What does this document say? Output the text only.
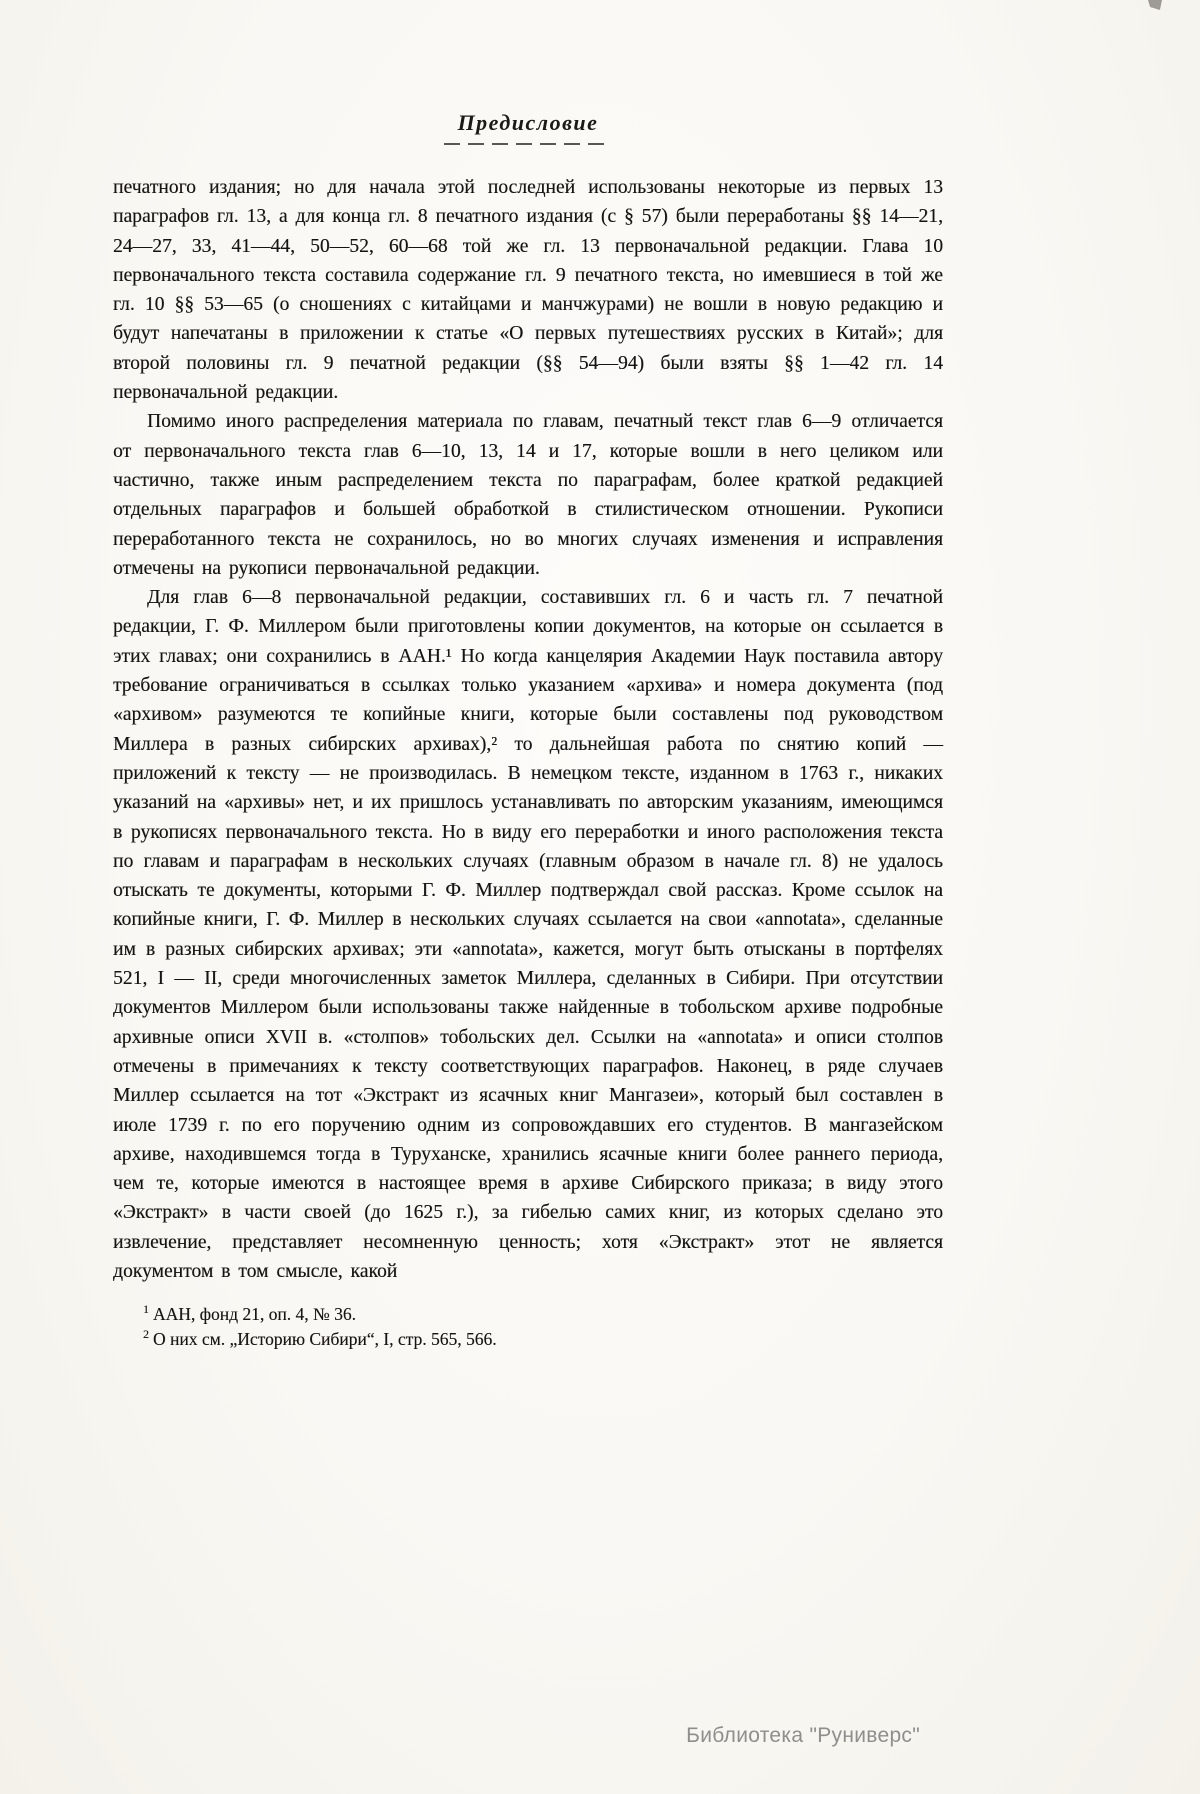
Предисловие

печатного издания; но для начала этой последней использованы некоторые из первых 13 параграфов гл. 13, а для конца гл. 8 печатного издания (с § 57) были переработаны §§ 14—21, 24—27, 33, 41—44, 50—52, 60—68 той же гл. 13 первоначальной редакции. Глава 10 первоначального текста составила содержание гл. 9 печатного текста, но имевшиеся в той же гл. 10 §§ 53—65 (о сношениях с китайцами и манчжурами) не вошли в новую редакцию и будут напечатаны в приложении к статье «О первых путешествиях русских в Китай»; для второй половины гл. 9 печатной редакции (§§ 54—94) были взяты §§ 1—42 гл. 14 первоначальной редакции.

Помимо иного распределения материала по главам, печатный текст глав 6—9 отличается от первоначального текста глав 6—10, 13, 14 и 17, которые вошли в него целиком или частично, также иным распределением текста по параграфам, более краткой редакцией отдельных параграфов и большей обработкой в стилистическом отношении. Рукописи переработанного текста не сохранилось, но во многих случаях изменения и исправления отмечены на рукописи первоначальной редакции.

Для глав 6—8 первоначальной редакции, составивших гл. 6 и часть гл. 7 печатной редакции, Г. Ф. Миллером были приготовлены копии документов, на которые он ссылается в этих главах; они сохранились в ААН.¹ Но когда канцелярия Академии Наук поставила автору требование ограничиваться в ссылках только указанием «архива» и номера документа (под «архивом» разумеются те копийные книги, которые были составлены под руководством Миллера в разных сибирских архивах),² то дальнейшая работа по снятию копий — приложений к тексту — не производилась. В немецком тексте, изданном в 1763 г., никаких указаний на «архивы» нет, и их пришлось устанавливать по авторским указаниям, имеющимся в рукописях первоначального текста. Но в виду его переработки и иного расположения текста по главам и параграфам в нескольких случаях (главным образом в начале гл. 8) не удалось отыскать те документы, которыми Г. Ф. Миллер подтверждал свой рассказ. Кроме ссылок на копийные книги, Г. Ф. Миллер в нескольких случаях ссылается на свои «annotata», сделанные им в разных сибирских архивах; эти «annotata», кажется, могут быть отысканы в портфелях 521, I — II, среди многочисленных заметок Миллера, сделанных в Сибири. При отсутствии документов Миллером были использованы также найденные в тобольском архиве подробные архивные описи XVII в. «столпов» тобольских дел. Ссылки на «annotata» и описи столпов отмечены в примечаниях к тексту соответствующих параграфов. Наконец, в ряде случаев Миллер ссылается на тот «Экстракт из ясачных книг Мангазеи», который был составлен в июле 1739 г. по его поручению одним из сопровождавших его студентов. В мангазейском архиве, находившемся тогда в Туруханске, хранились ясачные книги более раннего периода, чем те, которые имеются в настоящее время в архиве Сибирского приказа; в виду этого «Экстракт» в части своей (до 1625 г.), за гибелью самих книг, из которых сделано это извлечение, представляет несомненную ценность; хотя «Экстракт» этот не является документом в том смысле, какой

$^1$ ААН, фонд 21, оп. 4, № 36.

$^2$ О них см. „Историю Сибири“, I, стр. 565, 566.

Библиотека "Руниверс"
